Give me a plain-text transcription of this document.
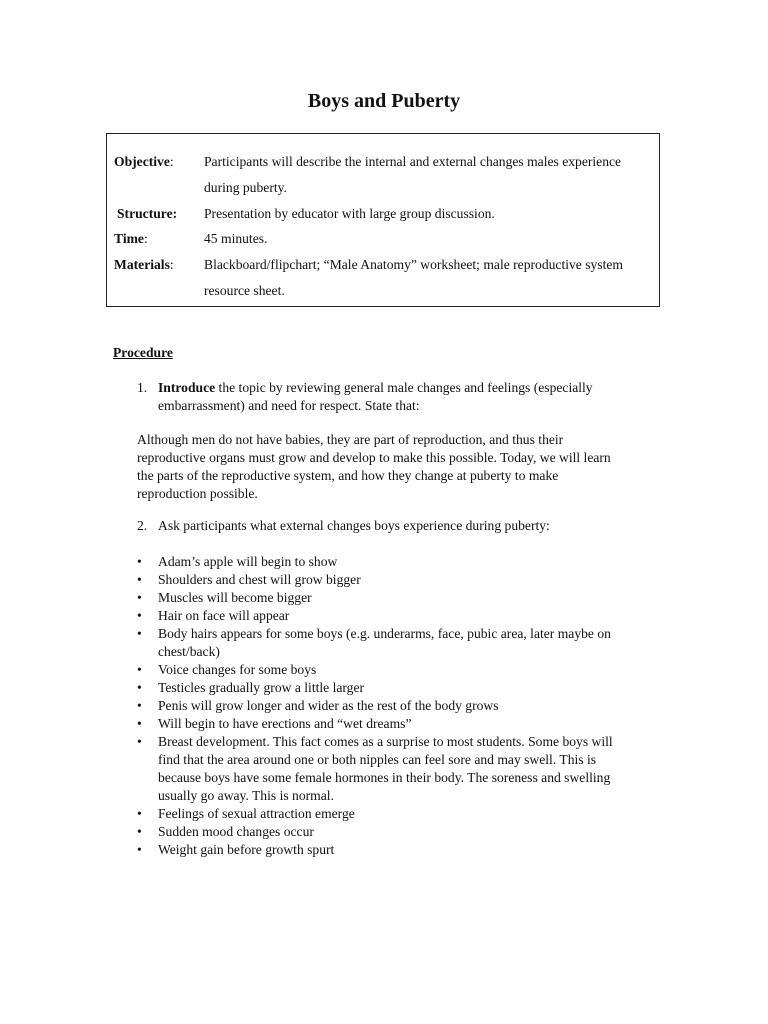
Boys and Puberty
Objective: Participants will describe the internal and external changes males experience during puberty.
Structure: Presentation by educator with large group discussion.
Time:	45 minutes.
Materials: Blackboard/flipchart; “Male Anatomy” worksheet; male reproductive system resource sheet.
Procedure
1. Introduce the topic by reviewing general male changes and feelings (especially embarrassment) and need for respect. State that:

Although men do not have babies, they are part of reproduction, and thus their reproductive organs must grow and develop to make this possible. Today, we will learn the parts of the reproductive system, and how they change at puberty to make reproduction possible.

2. Ask participants what external changes boys experience during puberty:
• Adam’s apple will begin to show
• Shoulders and chest will grow bigger
• Muscles will become bigger
• Hair on face will appear
• Body hairs appears for some boys (e.g. underarms, face, pubic area, later maybe on chest/back)
• Voice changes for some boys
• Testicles gradually grow a little larger
• Penis will grow longer and wider as the rest of the body grows
• Will begin to have erections and “wet dreams”
• Breast development. This fact comes as a surprise to most students. Some boys will find that the area around one or both nipples can feel sore and may swell. This is because boys have some female hormones in their body. The soreness and swelling usually go away. This is normal.
• Feelings of sexual attraction emerge
• Sudden mood changes occur
• Weight gain before growth spurt
